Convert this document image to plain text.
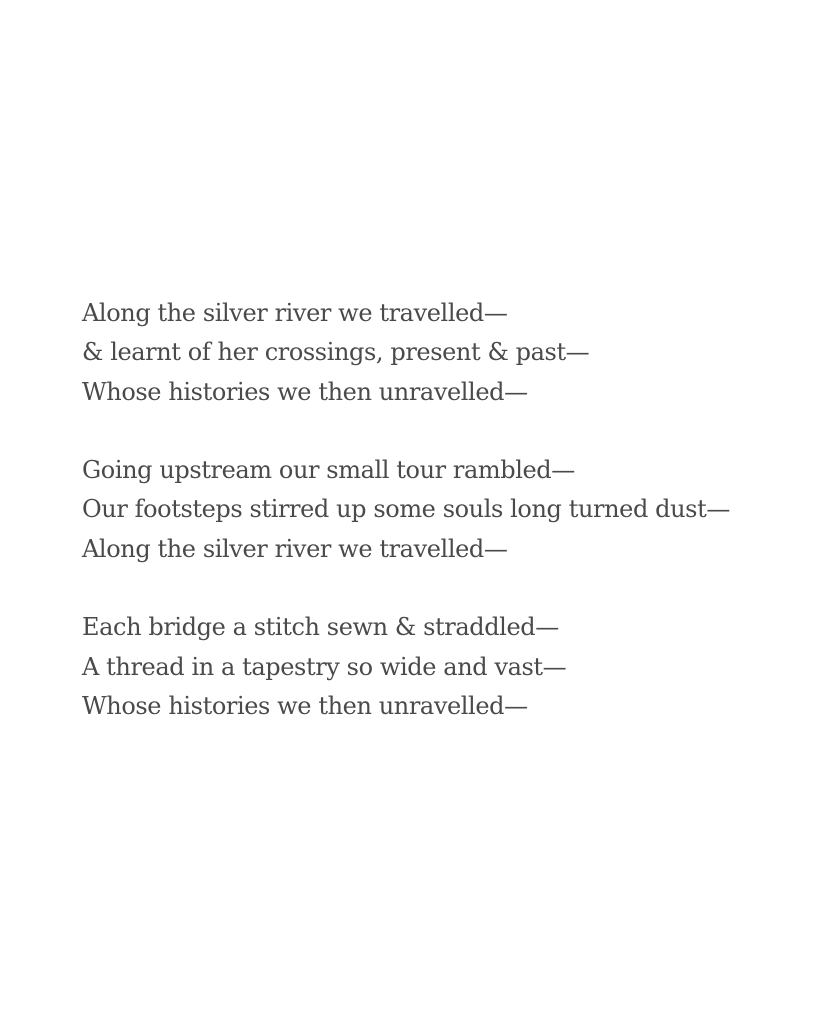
Along the silver river we travelled—
& learnt of her crossings, present & past—
Whose histories we then unravelled—
Going upstream our small tour rambled—
Our footsteps stirred up some souls long turned dust—
Along the silver river we travelled—
Each bridge a stitch sewn & straddled—
A thread in a tapestry so wide and vast—
Whose histories we then unravelled—
